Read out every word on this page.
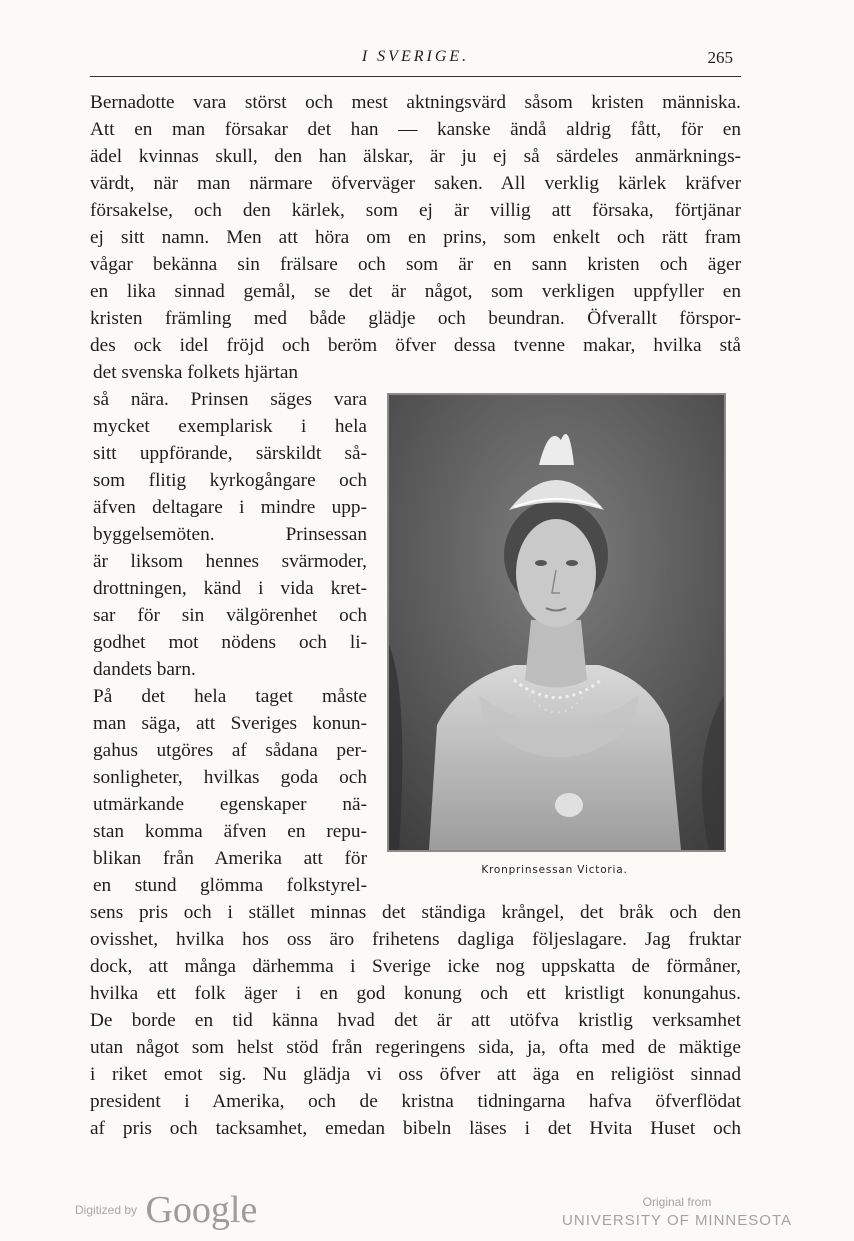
I SVERIGE.	265
Bernadotte vara störst och mest aktningsvärd såsom kristen människa.
Att en man försakar det han — kanske ändå aldrig fått, för en
ädel kvinnas skull, den han älskar, är ju ej så särdeles anmärknings-
värdt, när man närmare öfverväger saken. All verklig kärlek kräfver
försakelse, och den kärlek, som ej är villig att försaka, förtjänar
ej sitt namn. Men att höra om en prins, som enkelt och rätt fram
vågar bekänna sin frälsare och som är en sann kristen och äger
en lika sinnad gemål, se det är något, som verkligen uppfyller en
kristen främling med både glädje och beundran. Öfverallt förspor-
des ock idel fröjd och beröm öfver dessa tvenne makar, hvilka stå
det svenska folkets hjärtan
så nära. Prinsen säges vara
mycket exemplarisk i hela
sitt uppförande, särskildt så-
som flitig kyrkogångare och
äfven deltagare i mindre upp-
byggelsemöten. Prinsessan
är liksom hennes svärmoder,
drottningen, känd i vida kret-
sar för sin välgörenhet och
godhet mot nödens och li-
dandets barn.
På det hela taget måste
man säga, att Sveriges konun-
gahus utgöres af sådana per-
sonligheter, hvilkas goda och
utmärkande egenskaper nä-
stan komma äfven en repu-
blikan från Amerika att för
en stund glömma folkstyrel-
sens pris och i stället minnas det ständiga krångel, det bråk och den
ovisshet, hvilka hos oss äro frihetens dagliga följeslagare. Jag fruktar
dock, att många därhemma i Sverige icke nog uppskatta de förmåner,
hvilka ett folk äger i en god konung och ett kristligt konungahus.
De borde en tid känna hvad det är att utöfva kristlig verksamhet
utan något som helst stöd från regeringens sida, ja, ofta med de mäktige
i riket emot sig. Nu glädja vi oss öfver att äga en religiöst sinnad
president i Amerika, och de kristna tidningarna hafva öfverflödat
af pris och tacksamhet, emedan bibeln läses i det Hvita Huset och
Kronprinsessan Victoria.
Digitized by Google	Original from
UNIVERSITY OF MINNESOTA
